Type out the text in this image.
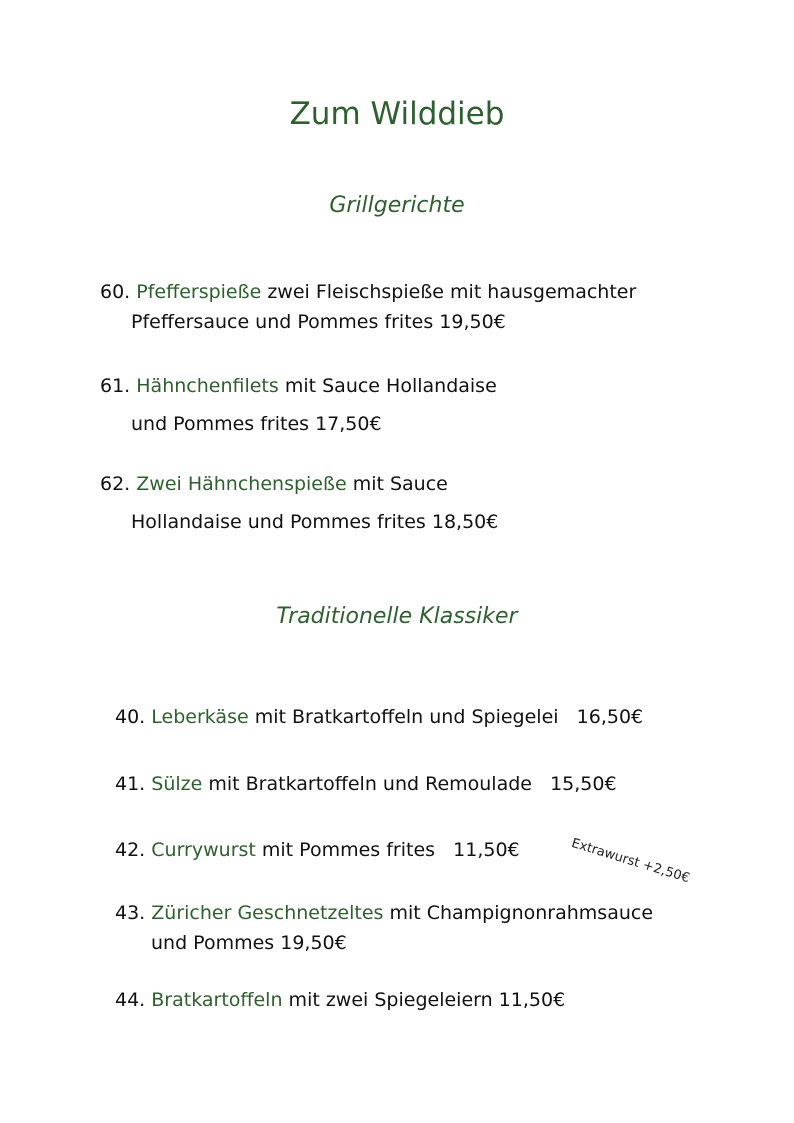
Zum Wilddieb
Grillgerichte
60. Pfefferspieße zwei Fleischspieße mit hausgemachter
Pfeffersauce und Pommes frites 19,50€
61. Hähnchenfilets mit Sauce Hollandaise
und Pommes frites 17,50€
62. Zwei Hähnchenspieße mit Sauce
Hollandaise und Pommes frites 18,50€
Traditionelle Klassiker
40. Leberkäse mit Bratkartoffeln und Spiegelei   16,50€
41. Sülze mit Bratkartoffeln und Remoulade   15,50€
42. Currywurst mit Pommes frites   11,50€	Extrawurst +2,50€
43. Züricher Geschnetzeltes mit Champignonrahmsauce
und Pommes 19,50€
44. Bratkartoffeln mit zwei Spiegeleiern 11,50€
